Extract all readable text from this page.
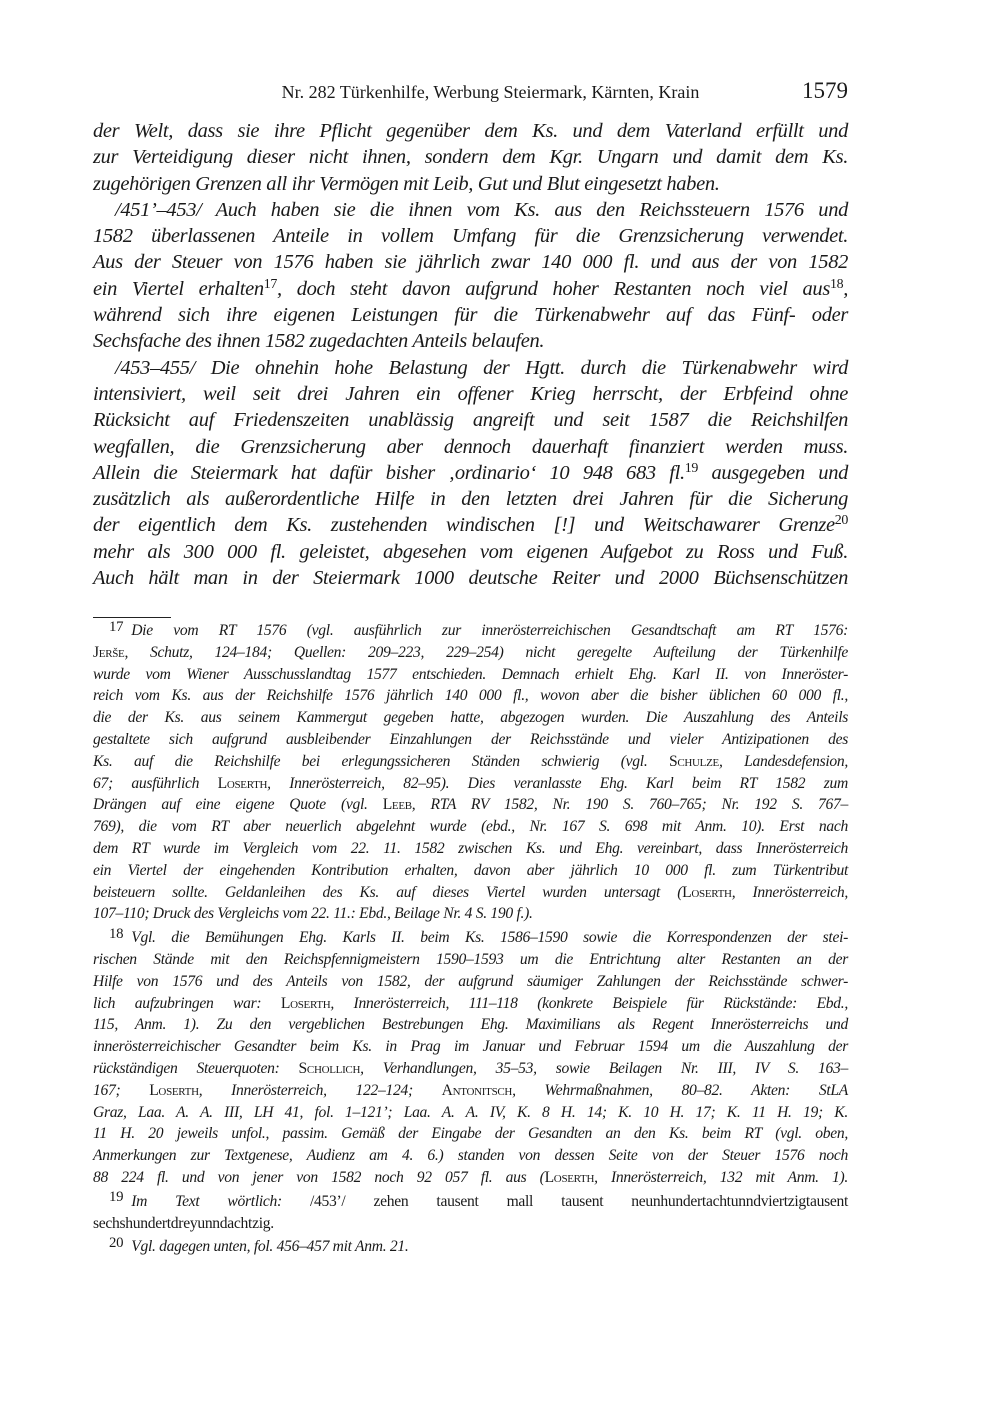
Nr. 282 Türkenhilfe, Werbung Steiermark, Kärnten, Krain	1579
der Welt, dass sie ihre Pflicht gegenüber dem Ks. und dem Vaterland erfüllt und
zur Verteidigung dieser nicht ihnen, sondern dem Kgr. Ungarn und damit dem Ks.
zugehörigen Grenzen all ihr Vermögen mit Leib, Gut und Blut eingesetzt haben.
/451’–453/ Auch haben sie die ihnen vom Ks. aus den Reichssteuern 1576 und
1582 überlassenen Anteile in vollem Umfang für die Grenzsicherung verwendet.
Aus der Steuer von 1576 haben sie jährlich zwar 140 000 fl. und aus der von 1582
ein Viertel erhalten$^{17}$, doch steht davon aufgrund hoher Restanten noch viel aus$^{18}$,
während sich ihre eigenen Leistungen für die Türkenabwehr auf das Fünf- oder
Sechsfache des ihnen 1582 zugedachten Anteils belaufen.
/453–455/ Die ohnehin hohe Belastung der Hgtt. durch die Türkenabwehr wird
intensiviert, weil seit drei Jahren ein offener Krieg herrscht, der Erbfeind ohne
Rücksicht auf Friedenszeiten unablässig angreift und seit 1587 die Reichshilfen
wegfallen, die Grenzsicherung aber dennoch dauerhaft finanziert werden muss.
Allein die Steiermark hat dafür bisher ‚ordinario‘ 10 948 683 fl.$^{19}$ ausgegeben und
zusätzlich als außerordentliche Hilfe in den letzten drei Jahren für die Sicherung
der eigentlich dem Ks. zustehenden windischen [!] und Weitschawarer Grenze$^{20}$
mehr als 300 000 fl. geleistet, abgesehen vom eigenen Aufgebot zu Ross und Fuß.
Auch hält man in der Steiermark 1000 deutsche Reiter und 2000 Büchsenschützen
17 Die vom RT 1576 (vgl. ausführlich zur innerösterreichischen Gesandtschaft am RT 1576:
Jerše, Schutz, 124–184; Quellen: 209–223, 229–254) nicht geregelte Aufteilung der Türkenhilfe
wurde vom Wiener Ausschusslandtag 1577 entschieden. Demnach erhielt Ehg. Karl II. von Inneröster-
reich vom Ks. aus der Reichshilfe 1576 jährlich 140 000 fl., wovon aber die bisher üblichen 60 000 fl.,
die der Ks. aus seinem Kammergut gegeben hatte, abgezogen wurden. Die Auszahlung des Anteils
gestaltete sich aufgrund ausbleibender Einzahlungen der Reichsstände und vieler Antizipationen des
Ks. auf die Reichshilfe bei erlegungssicheren Ständen schwierig (vgl. Schulze, Landesdefension,
67; ausführlich Loserth, Innerösterreich, 82–95). Dies veranlasste Ehg. Karl beim RT 1582 zum
Drängen auf eine eigene Quote (vgl. Leeb, RTA RV 1582, Nr. 190 S. 760–765; Nr. 192 S. 767–
769), die vom RT aber neuerlich abgelehnt wurde (ebd., Nr. 167 S. 698 mit Anm. 10). Erst nach
dem RT wurde im Vergleich vom 22. 11. 1582 zwischen Ks. und Ehg. vereinbart, dass Innerösterreich
ein Viertel der eingehenden Kontribution erhalten, davon aber jährlich 10 000 fl. zum Türkentribut
beisteuern sollte. Geldanleihen des Ks. auf dieses Viertel wurden untersagt (Loserth, Innerösterreich,
107–110; Druck des Vergleichs vom 22. 11.: Ebd., Beilage Nr. 4 S. 190 f.).
18 Vgl. die Bemühungen Ehg. Karls II. beim Ks. 1586–1590 sowie die Korrespondenzen der stei-
rischen Stände mit den Reichspfennigmeistern 1590–1593 um die Entrichtung alter Restanten an der
Hilfe von 1576 und des Anteils von 1582, der aufgrund säumiger Zahlungen der Reichsstände schwer-
lich aufzubringen war: Loserth, Innerösterreich, 111–118 (konkrete Beispiele für Rückstände: Ebd.,
115, Anm. 1). Zu den vergeblichen Bestrebungen Ehg. Maximilians als Regent Innerösterreichs und
innerösterreichischer Gesandter beim Ks. in Prag im Januar und Februar 1594 um die Auszahlung der
rückständigen Steuerquoten: Schollich, Verhandlungen, 35–53, sowie Beilagen Nr. III, IV S. 163–
167; Loserth, Innerösterreich, 122–124; Antonitsch, Wehrmaßnahmen, 80–82. Akten: StLA
Graz, Laa. A. A. III, LH 41, fol. 1–121’; Laa. A. A. IV, K. 8 H. 14; K. 10 H. 17; K. 11 H. 19; K.
11 H. 20 jeweils unfol., passim. Gemäß der Eingabe der Gesandten an den Ks. beim RT (vgl. oben,
Anmerkungen zur Textgenese, Audienz am 4. 6.) standen von dessen Seite von der Steuer 1576 noch
88 224 fl. und von jener von 1582 noch 92 057 fl. aus (Loserth, Innerösterreich, 132 mit Anm. 1).
19 Im Text wörtlich: /453’/ zehen tausent mall tausent neunhundertachtunndviertzigtausent
sechshundertdreyunndachtzig.
20 Vgl. dagegen unten, fol. 456–457 mit Anm. 21.
